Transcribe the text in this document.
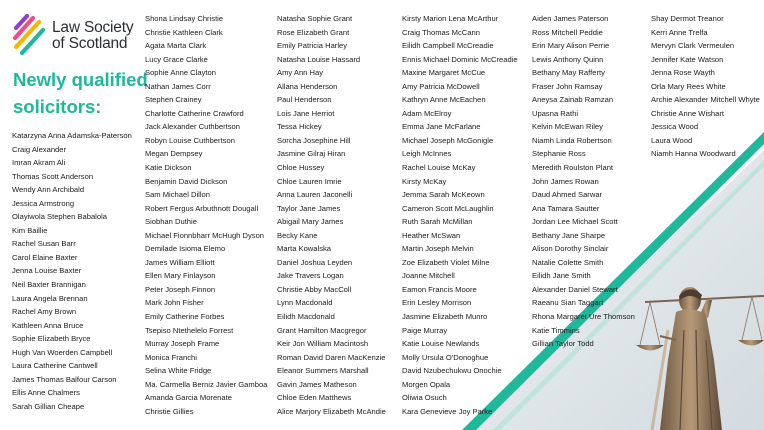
Law Society
of Scotland
Newly qualified
solicitors:
Katarzyna Anna Adamska-Paterson
Craig Alexander
Imran Akram Ali
Thomas Scott Anderson
Wendy Ann Archibald
Jessica Armstrong
Olayiwola Stephen Babalola
Kim Baillie
Rachel Susan Barr
Carol Elaine Baxter
Jenna Louise Baxter
Neil Baxter Brannigan
Laura Angela Brennan
Rachel Amy Brown
Kathleen Anna Bruce
Sophie Elizabeth Bryce
Hugh Van Woerden Campbell
Laura Catherine Cantwell
James Thomas Balfour Carson
Ellis Anne Chalmers
Sarah Gillian Cheape
Shona Lindsay Christie
Christie Kathleen Clark
Agata Marta Clark
Lucy Grace Clarke
Sophie Anne Clayton
Nathan James Corr
Stephen Crainey
Charlotte Catherine Crawford
Jack Alexander Cuthbertson
Robyn Louise Cuthbertson
Megan Dempsey
Katie Dickson
Benjamin David Dickson
Sam Michael Dillon
Robert Fergus Arbuthnott Dougall
Siobhan Duthie
Michael Fionnbharr McHugh Dyson
Demilade Isioma Elemo
James William Elliott
Ellen Mary Finlayson
Peter Joseph Finnon
Mark John Fisher
Emily Catherine Forbes
Tsepiso Ntethelelo Forrest
Murray Joseph Frame
Monica Franchi
Selina White Fridge
Ma. Carmella Berniz Javier Gamboa
Amanda Garcia Morenate
Christie Gillies
Natasha Sophie Grant
Rose Elizabeth Grant
Emily Patricia Harley
Natasha Louise Hassard
Amy Ann Hay
Allana Henderson
Paul Henderson
Lois Jane Herriot
Tessa Hickey
Sorcha Josephine Hill
Jasmine Gilraj Hiran
Chloe Hussey
Chloe Lauren Imrie
Anna Lauren Jaconelli
Taylor Jane James
Abigail Mary James
Becky Kane
Marta Kowalska
Daniel Joshua Leyden
Jake Travers Logan
Christie Abby MacColl
Lynn Macdonald
Eilidh Macdonald
Grant Hamilton Macgregor
Keir Jon William Macintosh
Roman David Daren MacKenzie
Eleanor Summers Marshall
Gavin James Matheson
Chloe Eden Matthews
Alice Marjory Elizabeth McAndie
Kirsty Marion Lena McArthur
Craig Thomas McCann
Eilidh Campbell McCreadie
Ennis Michael Dominic McCreadie
Maxine Margaret McCue
Amy Patricia McDowell
Kathryn Anne McEachen
Adam McElroy
Emma Jane McFarlane
Michael Joseph McGonigle
Leigh McInnes
Rachel Louise McKay
Kirsty McKay
Jemma Sarah McKeown
Cameron Scott McLaughlin
Ruth Sarah McMillan
Heather McSwan
Martin Joseph Melvin
Zoe Elizabeth Violet Milne
Joanne Mitchell
Eamon Francis Moore
Erin Lesley Morrison
Jasmine Elizabeth Munro
Paige Murray
Katie Louise Newlands
Molly Ursula O'Donoghue
David Nzubechukwu Onochie
Morgen Opala
Oliwia Osuch
Kara Genevieve Joy Parke
Aiden James Paterson
Ross Mitchell Peddie
Erin Mary Alison Perrie
Lewis Anthony Quinn
Bethany May Rafferty
Fraser John Ramsay
Aneysa Zainab Ramzan
Upasna Rathi
Kelvin McEwan Riley
Niamh Linda Robertson
Stephanie Ross
Meredith Roulston Plant
John James Rowan
Daud Ahmed Sarwar
Ana Tamara Sautter
Jordan Lee Michael Scott
Bethany Jane Sharpe
Alison Dorothy Sinclair
Natalie Colette Smith
Eilidh Jane Smith
Alexander Daniel Stewart
Raeanu Sian Taggart
Rhona Margaret Ure Thomson
Katie Timmins
Gillian Taylor Todd
Shay Dermot Treanor
Kerri Anne Trelfa
Mervyn Clark Vermeulen
Jennifer Kate Watson
Jenna Rose Wayth
Orla Mary Rees White
Archie Alexander Mitchell Whyte
Christie Anne Wishart
Jessica Wood
Laura Wood
Niamh Hanna Woodward
